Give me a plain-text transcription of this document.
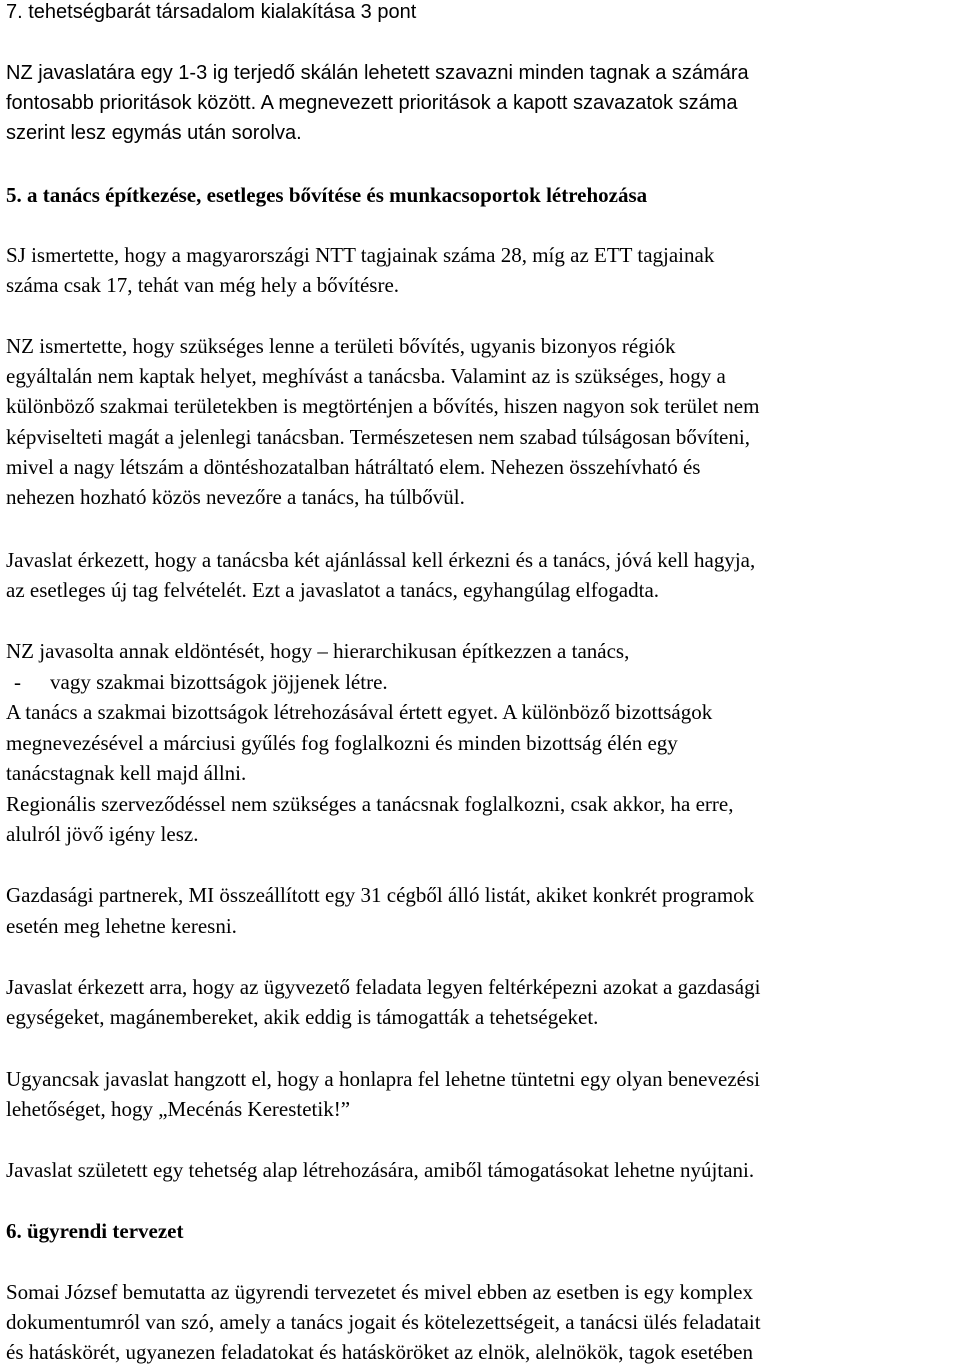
7. tehetségbarát társadalom kialakítása 3 pont
NZ javaslatára egy 1-3 ig terjedő skálán lehetett szavazni minden tagnak a számára
fontosabb prioritások között. A megnevezett prioritások a kapott szavazatok száma
szerint lesz egymás után sorolva.
5. a tanács építkezése, esetleges bővítése és munkacsoportok létrehozása
SJ ismertette, hogy a magyarországi NTT tagjainak száma 28, míg az ETT tagjainak
száma csak 17, tehát van még hely a bővítésre.
NZ ismertette, hogy szükséges lenne a területi bővítés, ugyanis bizonyos régiók
egyáltalán nem kaptak helyet, meghívást a tanácsba. Valamint az is szükséges, hogy a
különböző szakmai területekben is megtörténjen a bővítés, hiszen nagyon sok terület nem
képviselteti magát a jelenlegi tanácsban. Természetesen nem szabad túlságosan bővíteni,
mivel a nagy létszám a döntéshozatalban hátráltató elem. Nehezen összehívható és
nehezen hozható közös nevezőre a tanács, ha túlbővül.
Javaslat érkezett, hogy a tanácsba két ajánlással kell érkezni és a tanács, jóvá kell hagyja,
az esetleges új tag felvételét. Ezt a javaslatot a tanács, egyhangúlag elfogadta.
NZ javasolta annak eldöntését, hogy – hierarchikusan építkezzen a tanács,
- vagy szakmai bizottságok jöjjenek létre.
A tanács a szakmai bizottságok létrehozásával értett egyet. A különböző bizottságok
megnevezésével a márciusi gyűlés fog foglalkozni és minden bizottság élén egy
tanácstagnak kell majd állni.
Regionális szerveződéssel nem szükséges a tanácsnak foglalkozni, csak akkor, ha erre,
alulról jövő igény lesz.
Gazdasági partnerek, MI összeállított egy 31 cégből álló listát, akiket konkrét programok
esetén meg lehetne keresni.
Javaslat érkezett arra, hogy az ügyvezető feladata legyen feltérképezni azokat a gazdasági
egységeket, magánembereket, akik eddig is támogatták a tehetségeket.
Ugyancsak javaslat hangzott el, hogy a honlapra fel lehetne tüntetni egy olyan benevezési
lehetőséget, hogy „Mecénás Kerestetik!”
Javaslat született egy tehetség alap létrehozására, amiből támogatásokat lehetne nyújtani.
6. ügyrendi tervezet
Somai József bemutatta az ügyrendi tervezetet és mivel ebben az esetben is egy komplex
dokumentumról van szó, amely a tanács jogait és kötelezettségeit, a tanácsi ülés feladatait
és hatáskörét, ugyanezen feladatokat és hatásköröket az elnök, alelnökök, tagok esetében
